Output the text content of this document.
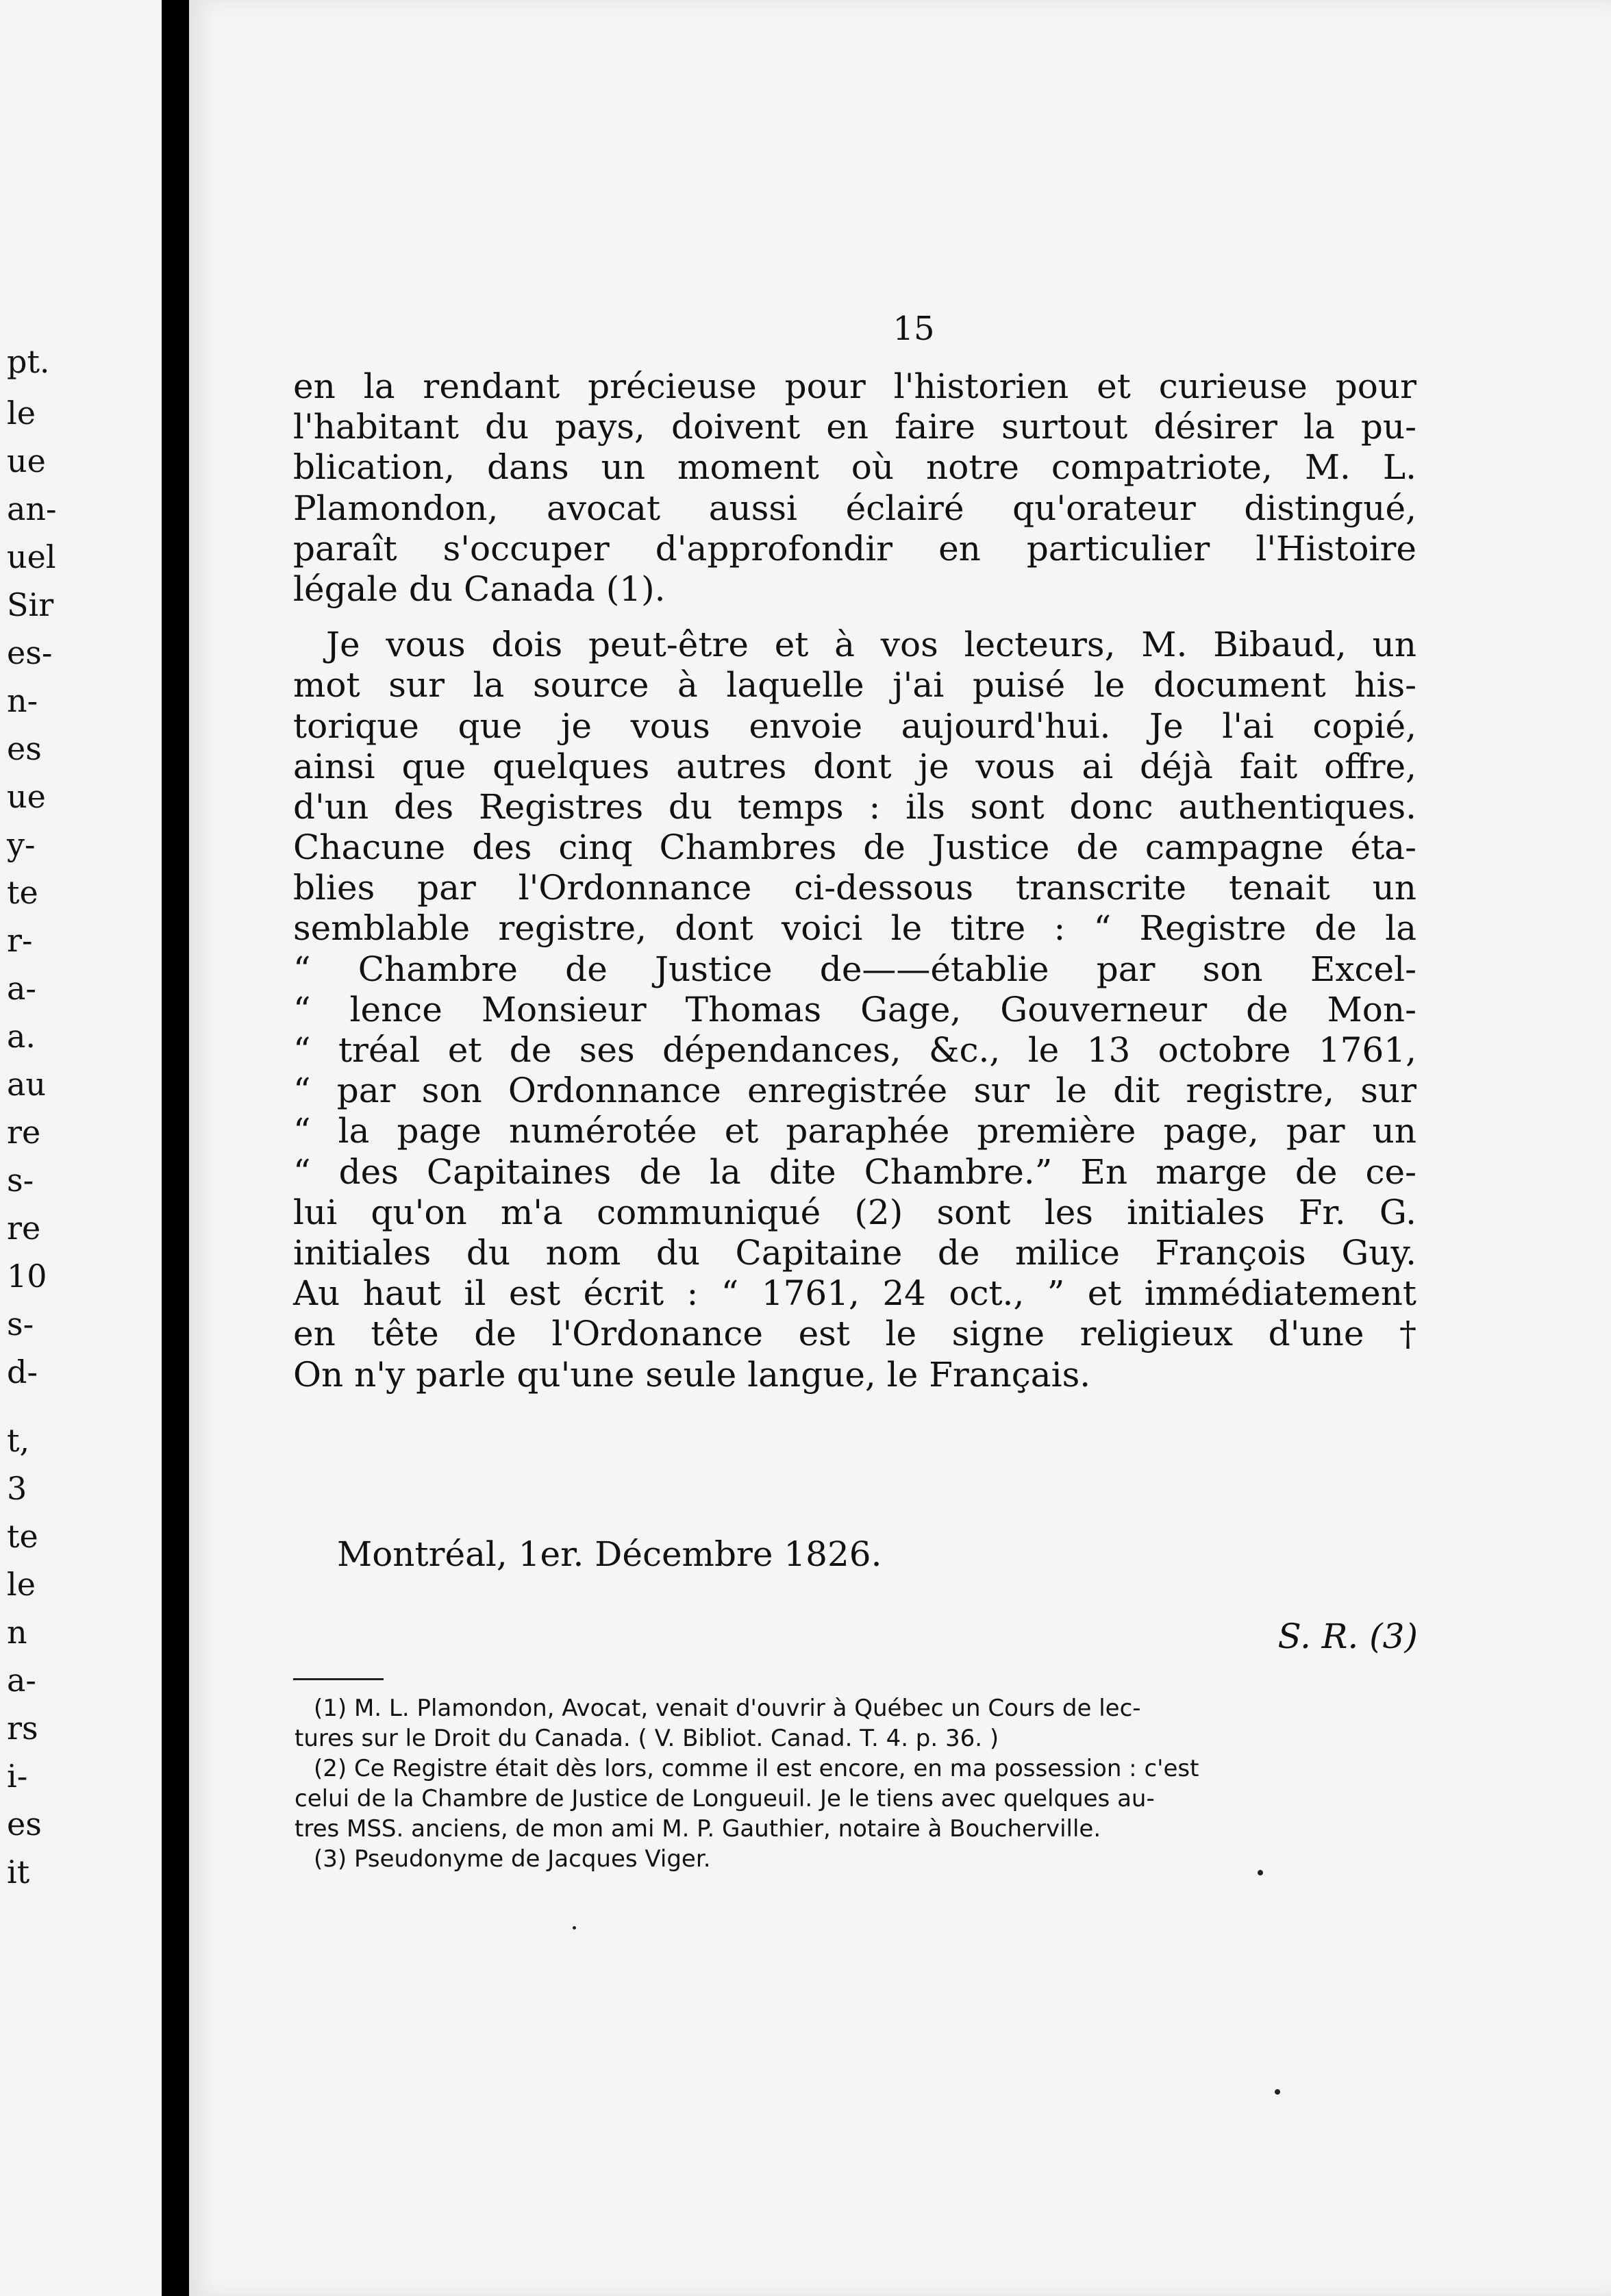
pt.
le
ue
an-
uel
Sir
es-
n-
es
ue
y-
te
r-
a-
a.
au
re
s-
re
10
s-
d-
t,
3
te
le
n
a-
rs
i-
es
it
15
en la rendant précieuse pour l'historien et curieuse pour
l'habitant du pays, doivent en faire surtout désirer la pu-
blication, dans un moment où notre compatriote, M. L.
Plamondon, avocat aussi éclairé qu'orateur distingué,
paraît s'occuper d'approfondir en particulier l'Histoire
légale du Canada (1).
Je vous dois peut-être et à vos lecteurs, M. Bibaud, un
mot sur la source à laquelle j'ai puisé le document his-
torique que je vous envoie aujourd'hui. Je l'ai copié,
ainsi que quelques autres dont je vous ai déjà fait offre,
d'un des Registres du temps : ils sont donc authentiques.
Chacune des cinq Chambres de Justice de campagne éta-
blies par l'Ordonnance ci-dessous transcrite tenait un
semblable registre, dont voici le titre : “ Registre de la
“ Chambre de Justice de——établie par son Excel-
“ lence Monsieur Thomas Gage, Gouverneur de Mon-
“ tréal et de ses dépendances, &c., le 13 octobre 1761,
“ par son Ordonnance enregistrée sur le dit registre, sur
“ la page numérotée et paraphée première page, par un
“ des Capitaines de la dite Chambre.” En marge de ce-
lui qu'on m'a communiqué (2) sont les initiales Fr. G.
initiales du nom du Capitaine de milice François Guy.
Au haut il est écrit : “ 1761, 24 oct., ” et immédiatement
en tête de l'Ordonance est le signe religieux d'une †
On n'y parle qu'une seule langue, le Français.
Montréal, 1er. Décembre 1826.
S. R. (3)
(1) M. L. Plamondon, Avocat, venait d'ouvrir à Québec un Cours de lec-
tures sur le Droit du Canada. ( V. Bibliot. Canad. T. 4. p. 36. )
(2) Ce Registre était dès lors, comme il est encore, en ma possession : c'est
celui de la Chambre de Justice de Longueuil. Je le tiens avec quelques au-
tres MSS. anciens, de mon ami M. P. Gauthier, notaire à Boucherville.
(3) Pseudonyme de Jacques Viger.
